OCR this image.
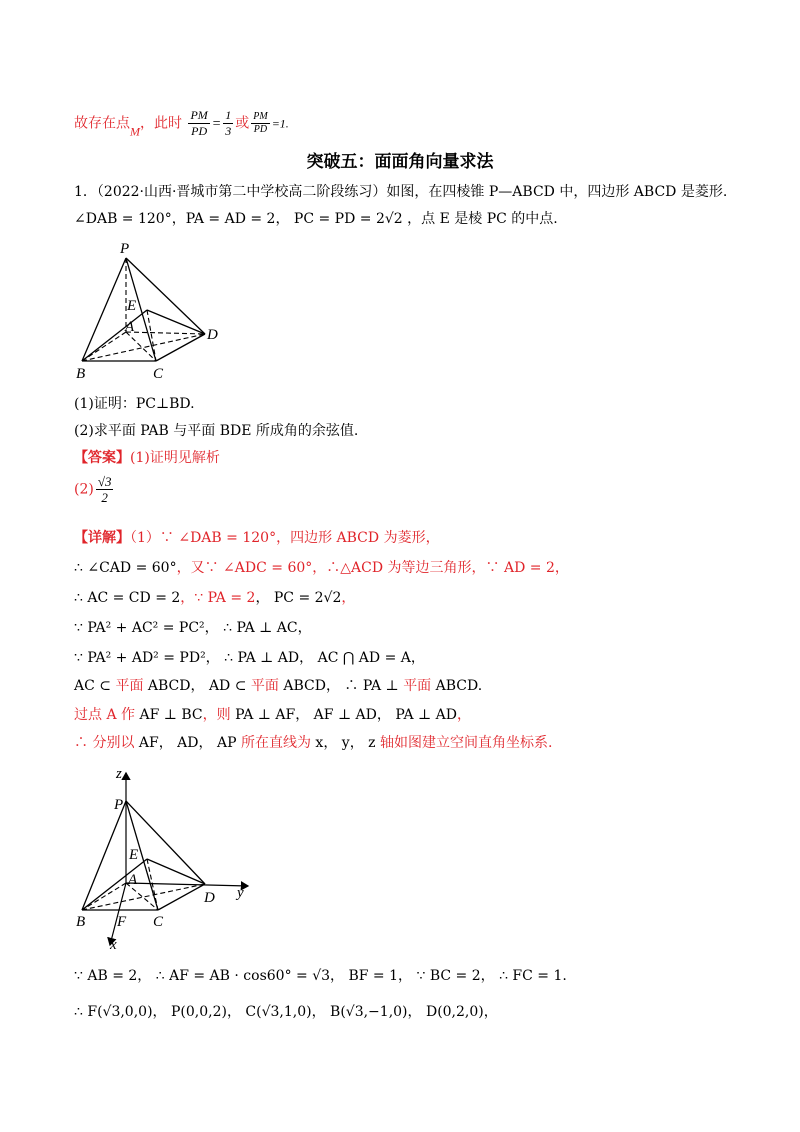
故存在点M，此时 $\frac{PM}{PD} = \frac{1}{3}$ 或 $\frac{PM}{PD} =1$.
突破五：面面角向量求法
1．（2022·山西·晋城市第二中学校高二阶段练习）如图，在四棱锥 P—ABCD 中，四边形 ABCD 是菱形.
∠DAB = 120°，PA = AD = 2， PC = PD = 2√2 ，点 E 是棱 PC 的中点.
P
E
A	D
B	C
(1)证明：PC⊥BD.
(2)求平面 PAB 与平面 BDE 所成角的余弦值.
【答案】(1)证明见解析
$(2) \frac{√3}{2}$
【详解】（1）∵ ∠DAB = 120°，四边形 ABCD 为菱形，
∴ ∠CAD = 60°，又∵ ∠ADC = 60°，∴△ACD 为等边三角形，∵ AD = 2，
∴ AC = CD = 2，∵ PA = 2， PC = 2√2，
∵ PA² + AC² = PC²， ∴ PA ⊥ AC，
∵ PA² + AD² = PD²， ∴ PA ⊥ AD， AC ⋂ AD = A，
AC ⊂ 平面 ABCD， AD ⊂ 平面 ABCD， ∴ PA ⊥ 平面 ABCD.
过点 A 作 AF ⊥ BC，则 PA ⊥ AF， AF ⊥ AD， PA ⊥ AD，
∴ 分别以 AF， AD， AP 所在直线为 x， y， z 轴如图建立空间直角坐标系.
z
P
E
A
D y
B F C
x
∵ AB = 2， ∴ AF = AB · cos60° = √3， BF = 1， ∵ BC = 2， ∴ FC = 1.
∴ F(√3,0,0)， P(0,0,2)， C(√3,1,0)， B(√3,−1,0)， D(0,2,0)，
